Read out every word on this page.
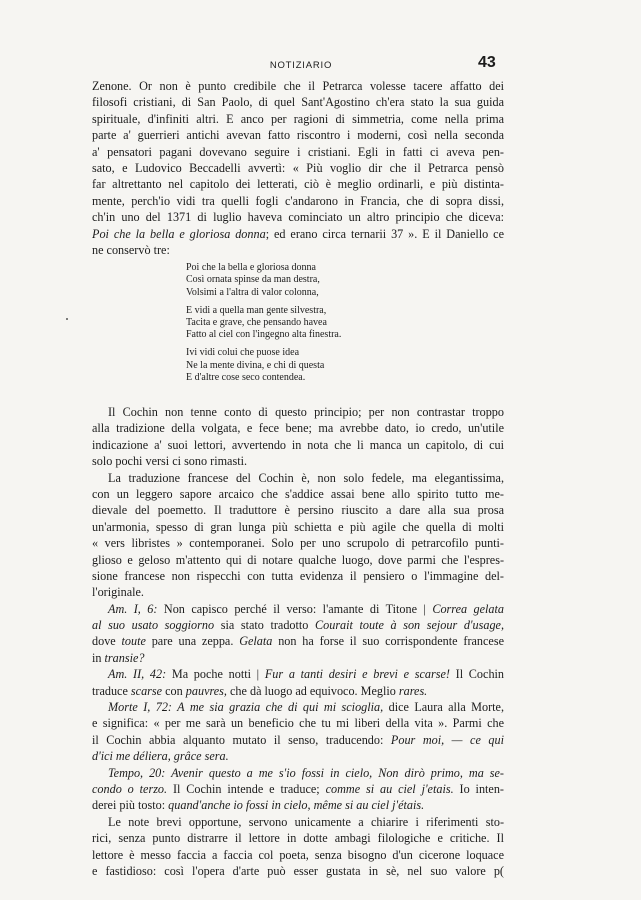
NOTIZIARIO	43
Zenone. Or non è punto credibile che il Petrarca volesse tacere affatto dei
filosofi cristiani, di San Paolo, di quel Sant'Agostino ch'era stato la sua guida
spirituale, d'infiniti altri. E anco per ragioni di simmetria, come nella prima
parte a' guerrieri antichi avevan fatto riscontro i moderni, così nella seconda
a' pensatori pagani dovevano seguire i cristiani. Egli in fatti ci aveva pen-
sato, e Ludovico Beccadelli avvertì: « Più voglio dir che il Petrarca pensò
far altrettanto nel capitolo dei letterati, ciò è meglio ordinarli, e più distinta-
mente, perch'io vidi tra quelli fogli c'andarono in Francia, che di sopra dissi,
ch'in uno del 1371 di luglio haveva cominciato un altro principio che diceva:
Poi che la bella e gloriosa donna; ed erano circa ternarii 37 ». E il Daniello ce
ne conservò tre:
Poi che la bella e gloriosa donna
Così ornata spinse da man destra,
Volsimi a l'altra di valor colonna,
E vidi a quella man gente silvestra,
Tacita e grave, che pensando havea
Fatto al ciel con l'ingegno alta finestra.
Ivi vidi colui che puose idea
Ne la mente divina, e chi di questa
E d'altre cose seco contendea.
Il Cochin non tenne conto di questo principio; per non contrastar troppo
alla tradizione della volgata, e fece bene; ma avrebbe dato, io credo, un'utile
indicazione a' suoi lettori, avvertendo in nota che li manca un capitolo, di cui
solo pochi versi ci sono rimasti.
La traduzione francese del Cochin è, non solo fedele, ma elegantissima,
con un leggero sapore arcaico che s'addice assai bene allo spirito tutto me-
dievale del poemetto. Il traduttore è persino riuscito a dare alla sua prosa
un'armonia, spesso di gran lunga più schietta e più agile che quella di molti
« vers libristes » contemporanei. Solo per uno scrupolo di petrarcofilo punti-
glioso e geloso m'attento qui di notare qualche luogo, dove parmi che l'espres-
sione francese non rispecchi con tutta evidenza il pensiero o l'immagine del-
l'originale.
Am. I, 6: Non capisco perché il verso: l'amante di Titone | Correa gelata
al suo usato soggiorno sia stato tradotto Courait toute à son sejour d'usage,
dove toute pare una zeppa. Gelata non ha forse il suo corrispondente francese
in transie?
Am. II, 42: Ma poche notti | Fur a tanti desiri e brevi e scarse! Il Cochin
traduce scarse con pauvres, che dà luogo ad equivoco. Meglio rares.
Morte I, 72: A me sia grazia che di qui mi scioglia, dice Laura alla Morte,
e significa: « per me sarà un beneficio che tu mi liberi della vita ». Parmi che
il Cochin abbia alquanto mutato il senso, traducendo: Pour moi, — ce qui
d'ici me déliera, grâce sera.
Tempo, 20: Avenir questo a me s'io fossi in cielo, Non dirò primo, ma se-
condo o terzo. Il Cochin intende e traduce; comme si au ciel j'etais. Io inten-
derei più tosto: quand'anche io fossi in cielo, même si au ciel j'étais.
Le note brevi opportune, servono unicamente a chiarire i riferimenti sto-
rici, senza punto distrarre il lettore in dotte ambagi filologiche e critiche. Il
lettore è messo faccia a faccia col poeta, senza bisogno d'un cicerone loquace
e fastidioso: così l'opera d'arte può esser gustata in sè, nel suo valore p(
